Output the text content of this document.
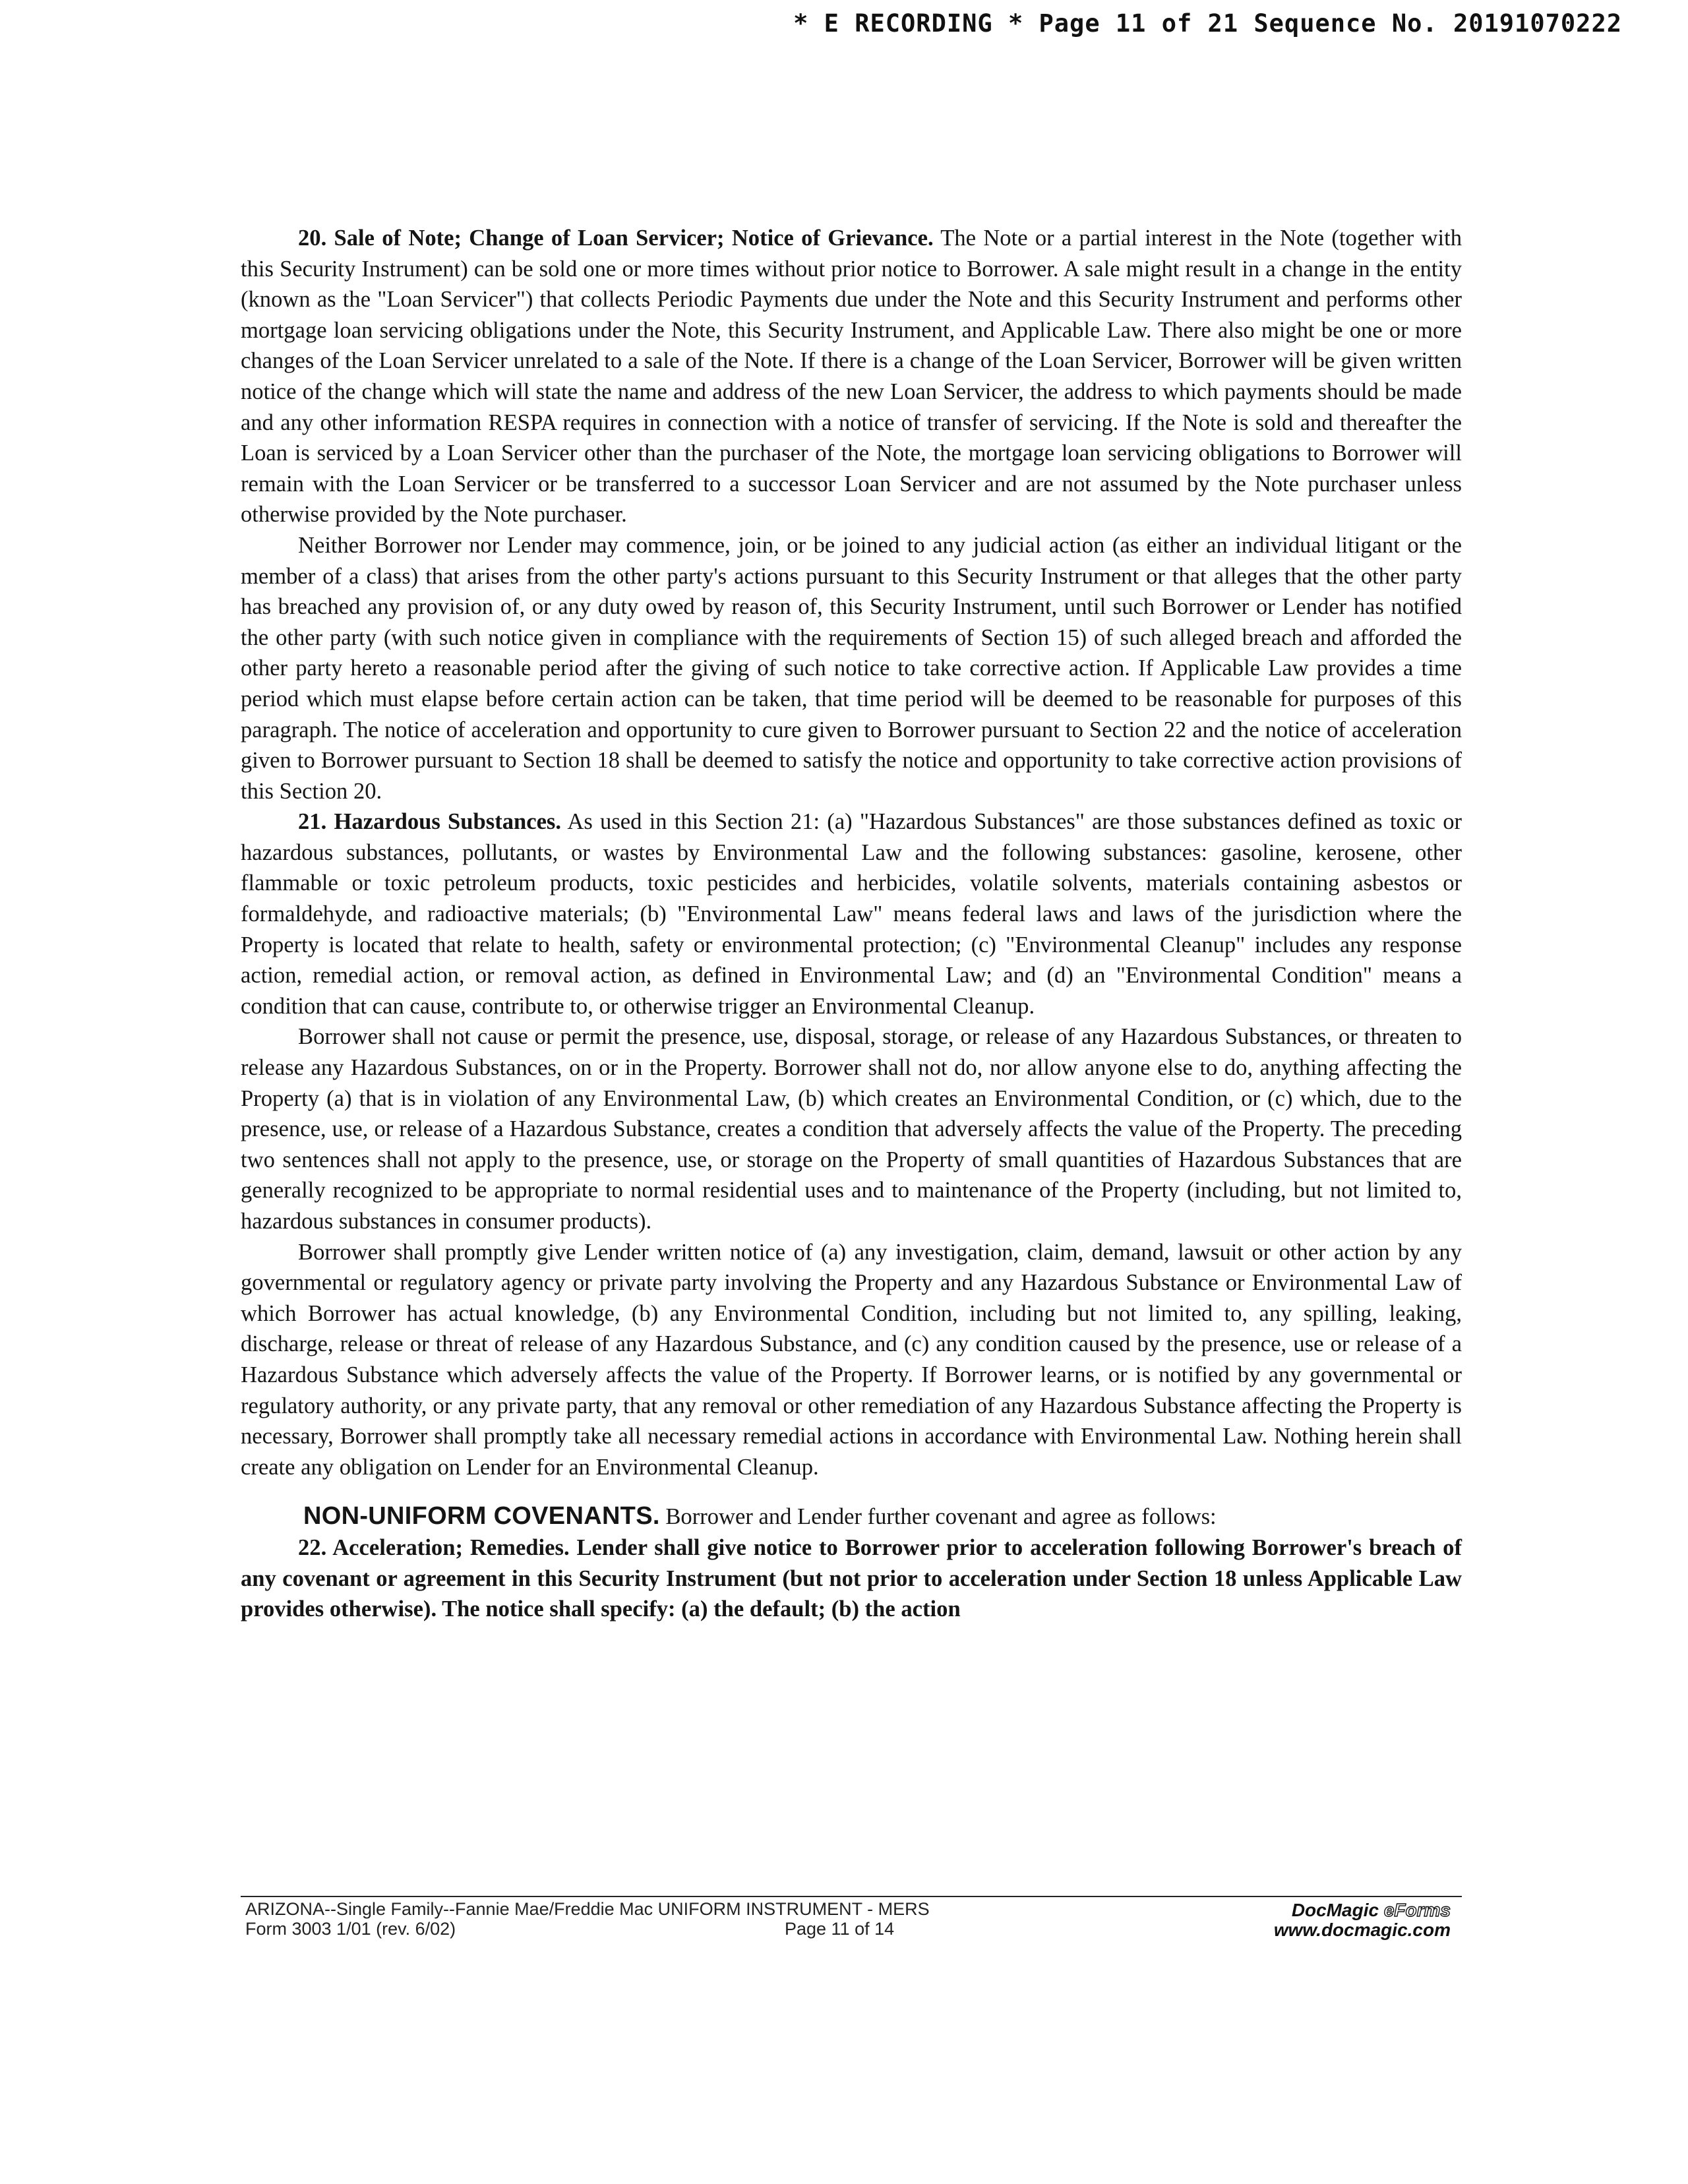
* E RECORDING * Page 11 of 21 Sequence No. 20191070222

20. Sale of Note; Change of Loan Servicer; Notice of Grievance. The Note or a partial interest in the Note (together with this Security Instrument) can be sold one or more times without prior notice to Borrower. A sale might result in a change in the entity (known as the "Loan Servicer") that collects Periodic Payments due under the Note and this Security Instrument and performs other mortgage loan servicing obligations under the Note, this Security Instrument, and Applicable Law. There also might be one or more changes of the Loan Servicer unrelated to a sale of the Note. If there is a change of the Loan Servicer, Borrower will be given written notice of the change which will state the name and address of the new Loan Servicer, the address to which payments should be made and any other information RESPA requires in connection with a notice of transfer of servicing. If the Note is sold and thereafter the Loan is serviced by a Loan Servicer other than the purchaser of the Note, the mortgage loan servicing obligations to Borrower will remain with the Loan Servicer or be transferred to a successor Loan Servicer and are not assumed by the Note purchaser unless otherwise provided by the Note purchaser.

Neither Borrower nor Lender may commence, join, or be joined to any judicial action (as either an individual litigant or the member of a class) that arises from the other party's actions pursuant to this Security Instrument or that alleges that the other party has breached any provision of, or any duty owed by reason of, this Security Instrument, until such Borrower or Lender has notified the other party (with such notice given in compliance with the requirements of Section 15) of such alleged breach and afforded the other party hereto a reasonable period after the giving of such notice to take corrective action. If Applicable Law provides a time period which must elapse before certain action can be taken, that time period will be deemed to be reasonable for purposes of this paragraph. The notice of acceleration and opportunity to cure given to Borrower pursuant to Section 22 and the notice of acceleration given to Borrower pursuant to Section 18 shall be deemed to satisfy the notice and opportunity to take corrective action provisions of this Section 20.

21. Hazardous Substances. As used in this Section 21: (a) "Hazardous Substances" are those substances defined as toxic or hazardous substances, pollutants, or wastes by Environmental Law and the following substances: gasoline, kerosene, other flammable or toxic petroleum products, toxic pesticides and herbicides, volatile solvents, materials containing asbestos or formaldehyde, and radioactive materials; (b) "Environmental Law" means federal laws and laws of the jurisdiction where the Property is located that relate to health, safety or environmental protection; (c) "Environmental Cleanup" includes any response action, remedial action, or removal action, as defined in Environmental Law; and (d) an "Environmental Condition" means a condition that can cause, contribute to, or otherwise trigger an Environmental Cleanup.

Borrower shall not cause or permit the presence, use, disposal, storage, or release of any Hazardous Substances, or threaten to release any Hazardous Substances, on or in the Property. Borrower shall not do, nor allow anyone else to do, anything affecting the Property (a) that is in violation of any Environmental Law, (b) which creates an Environmental Condition, or (c) which, due to the presence, use, or release of a Hazardous Substance, creates a condition that adversely affects the value of the Property. The preceding two sentences shall not apply to the presence, use, or storage on the Property of small quantities of Hazardous Substances that are generally recognized to be appropriate to normal residential uses and to maintenance of the Property (including, but not limited to, hazardous substances in consumer products).

Borrower shall promptly give Lender written notice of (a) any investigation, claim, demand, lawsuit or other action by any governmental or regulatory agency or private party involving the Property and any Hazardous Substance or Environmental Law of which Borrower has actual knowledge, (b) any Environmental Condition, including but not limited to, any spilling, leaking, discharge, release or threat of release of any Hazardous Substance, and (c) any condition caused by the presence, use or release of a Hazardous Substance which adversely affects the value of the Property. If Borrower learns, or is notified by any governmental or regulatory authority, or any private party, that any removal or other remediation of any Hazardous Substance affecting the Property is necessary, Borrower shall promptly take all necessary remedial actions in accordance with Environmental Law. Nothing herein shall create any obligation on Lender for an Environmental Cleanup.

NON-UNIFORM COVENANTS. Borrower and Lender further covenant and agree as follows:

22. Acceleration; Remedies. Lender shall give notice to Borrower prior to acceleration following Borrower's breach of any covenant or agreement in this Security Instrument (but not prior to acceleration under Section 18 unless Applicable Law provides otherwise). The notice shall specify: (a) the default; (b) the action

ARIZONA--Single Family--Fannie Mae/Freddie Mac UNIFORM INSTRUMENT - MERS
Form 3003 1/01 (rev. 6/02)	Page 11 of 14
DocMagic eForms
www.docmagic.com
